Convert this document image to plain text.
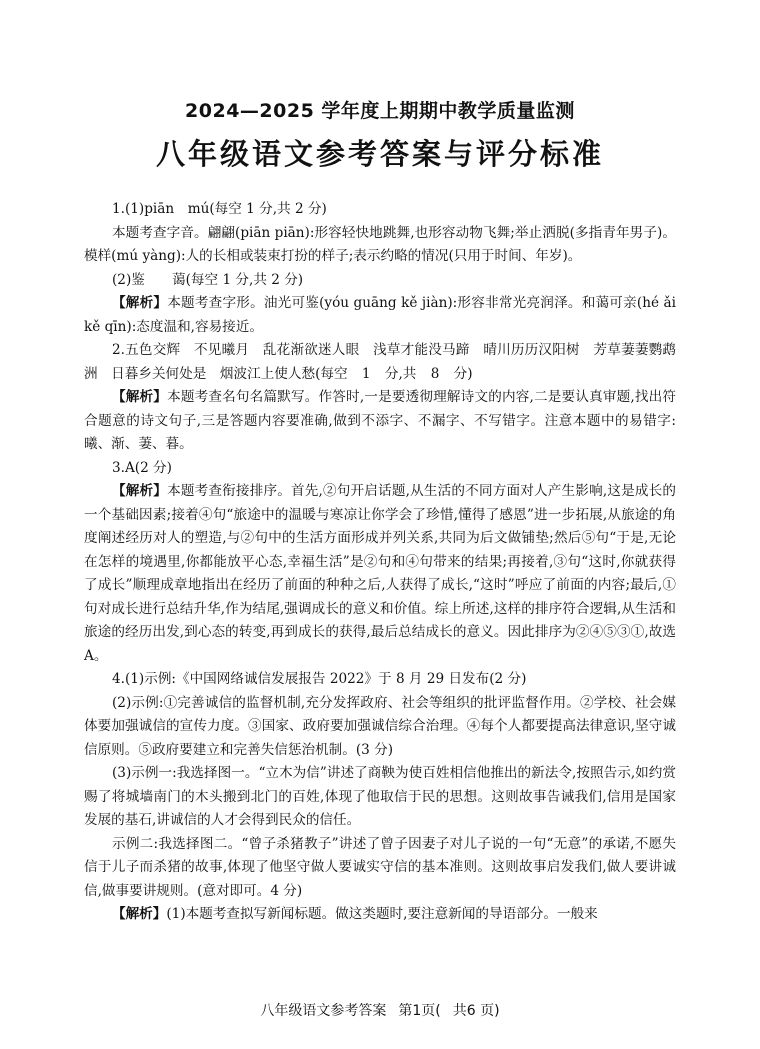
2024—2025 学年度上期期中教学质量监测
八年级语文参考答案与评分标准

1.(1)piān　mú(每空 1 分,共 2 分)

本题考查字音。翩翩(piān piān):形容轻快地跳舞,也形容动物飞舞;举止洒脱(多指青年男子)。模样(mú yàng):人的长相或装束打扮的样子;表示约略的情况(只用于时间、年岁)。

(2)鉴　　蔼(每空 1 分,共 2 分)

【解析】本题考查字形。油光可鉴(yóu guāng kě jiàn):形容非常光亮润泽。和蔼可亲(hé ǎi kě qīn):态度温和,容易接近。

2.五色交辉　不见曦月　乱花渐欲迷人眼　浅草才能没马蹄　晴川历历汉阳树　芳草萋萋鹦鹉洲　日暮乡关何处是　烟波江上使人愁(每空 1 分,共 8 分)

【解析】本题考查名句名篇默写。作答时,一是要透彻理解诗文的内容,二是要认真审题,找出符合题意的诗文句子,三是答题内容要准确,做到不添字、不漏字、不写错字。注意本题中的易错字:曦、渐、萋、暮。

3.A(2 分)

【解析】本题考查衔接排序。首先,②句开启话题,从生活的不同方面对人产生影响,这是成长的一个基础因素;接着④句“旅途中的温暖与寒凉让你学会了珍惜,懂得了感恩”进一步拓展,从旅途的角度阐述经历对人的塑造,与②句中的生活方面形成并列关系,共同为后文做铺垫;然后⑤句“于是,无论在怎样的境遇里,你都能放平心态,幸福生活”是②句和④句带来的结果;再接着,③句“这时,你就获得了成长”顺理成章地指出在经历了前面的种种之后,人获得了成长,“这时”呼应了前面的内容;最后,①句对成长进行总结升华,作为结尾,强调成长的意义和价值。综上所述,这样的排序符合逻辑,从生活和旅途的经历出发,到心态的转变,再到成长的获得,最后总结成长的意义。因此排序为②④⑤③①,故选 A。

4.(1)示例:《中国网络诚信发展报告 2022》于 8 月 29 日发布(2 分)

(2)示例:①完善诚信的监督机制,充分发挥政府、社会等组织的批评监督作用。②学校、社会媒体要加强诚信的宣传力度。③国家、政府要加强诚信综合治理。④每个人都要提高法律意识,坚守诚信原则。⑤政府要建立和完善失信惩治机制。(3 分)

(3)示例一:我选择图一。“立木为信”讲述了商鞅为使百姓相信他推出的新法令,按照告示,如约赏赐了将城墙南门的木头搬到北门的百姓,体现了他取信于民的思想。这则故事告诫我们,信用是国家发展的基石,讲诚信的人才会得到民众的信任。

示例二:我选择图二。“曾子杀猪教子”讲述了曾子因妻子对儿子说的一句“无意”的承诺,不愿失信于儿子而杀猪的故事,体现了他坚守做人要诚实守信的基本准则。这则故事启发我们,做人要讲诚信,做事要讲规则。(意对即可。4 分)

【解析】(1)本题考查拟写新闻标题。做这类题时,要注意新闻的导语部分。一般来

八年级语文参考答案 第1页( 共6 页)
